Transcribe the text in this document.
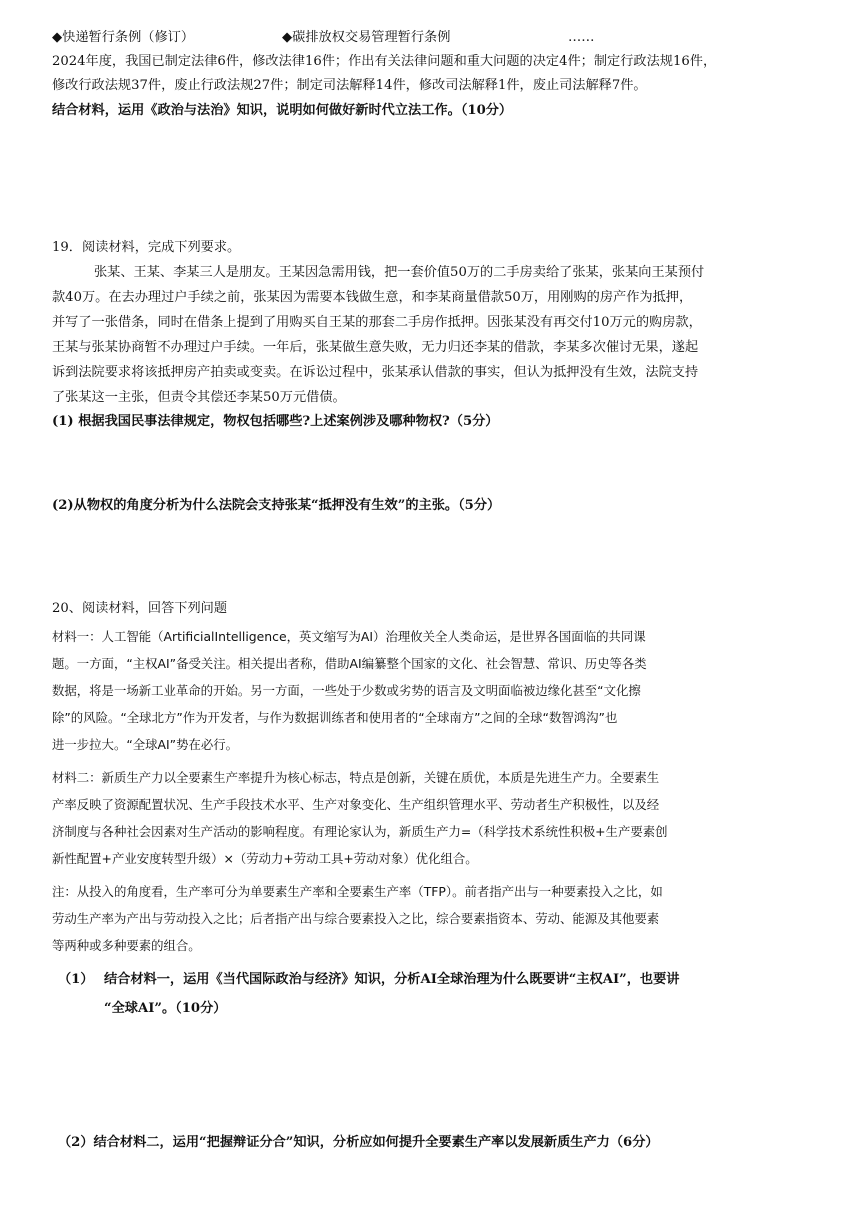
◆快递暂行条例（修订）	◆碳排放权交易管理暂行条例	……
2024年度，我国已制定法律6件，修改法律16件；作出有关法律问题和重大问题的决定4件；制定行政法规16件，
修改行政法规37件，废止行政法规27件；制定司法解释14件，修改司法解释1件，废止司法解释7件。
结合材料，运用《政治与法治》知识，说明如何做好新时代立法工作。（10分）
19．阅读材料，完成下列要求。
张某、王某、李某三人是朋友。王某因急需用钱，把一套价值50万的二手房卖给了张某，张某向王某预付
款40万。在去办理过户手续之前，张某因为需要本钱做生意，和李某商量借款50万，用刚购的房产作为抵押，
并写了一张借条，同时在借条上提到了用购买自王某的那套二手房作抵押。因张某没有再交付10万元的购房款，
王某与张某协商暂不办理过户手续。一年后，张某做生意失败，无力归还李某的借款，李某多次催讨无果，遂起
诉到法院要求将该抵押房产拍卖或变卖。在诉讼过程中，张某承认借款的事实，但认为抵押没有生效，法院支持
了张某这一主张，但责令其偿还李某50万元借债。
(1) 根据我国民事法律规定，物权包括哪些?上述案例涉及哪种物权?（5分）
(2)从物权的角度分析为什么法院会支持张某“抵押没有生效”的主张。（5分）
20、阅读材料，回答下列问题
材料一：人工智能（ArtificialIntelligence，英文缩写为AI）治理攸关全人类命运，是世界各国面临的共同课
题。一方面，“主权AI”备受关注。相关提出者称，借助AI编纂整个国家的文化、社会智慧、常识、历史等各类
数据，将是一场新工业革命的开始。另一方面，一些处于少数或劣势的语言及文明面临被边缘化甚至“文化擦
除”的风险。“全球北方”作为开发者，与作为数据训练者和使用者的“全球南方”之间的全球“数智鸿沟”也
进一步拉大。“全球AI”势在必行。
材料二：新质生产力以全要素生产率提升为核心标志，特点是创新，关键在质优，本质是先进生产力。全要素生
产率反映了资源配置状况、生产手段技术水平、生产对象变化、生产组织管理水平、劳动者生产积极性，以及经
济制度与各种社会因素对生产活动的影响程度。有理论家认为，新质生产力=（科学技术系统性积极+生产要素创
新性配置+产业安度转型升级）×（劳动力+劳动工具+劳动对象）优化组合。
注：从投入的角度看，生产率可分为单要素生产率和全要素生产率（TFP）。前者指产出与一种要素投入之比，如
劳动生产率为产出与劳动投入之比；后者指产出与综合要素投入之比，综合要素指资本、劳动、能源及其他要素
等两种或多种要素的组合。
（1） 结合材料一，运用《当代国际政治与经济》知识，分析AI全球治理为什么既要讲“主权AI”，也要讲
“全球AI”。（10分）
（2）结合材料二，运用“把握辩证分合”知识，分析应如何提升全要素生产率以发展新质生产力（6分）
